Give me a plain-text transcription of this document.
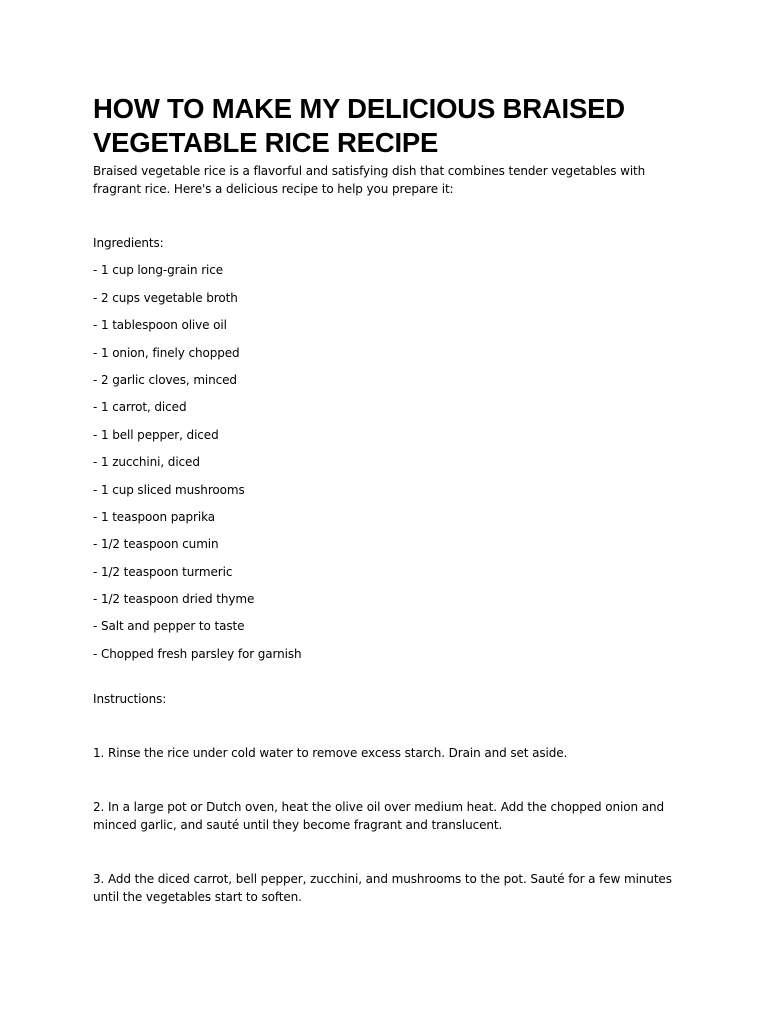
HOW TO MAKE MY DELICIOUS BRAISED VEGETABLE RICE RECIPE

Braised vegetable rice is a flavorful and satisfying dish that combines tender vegetables with fragrant rice. Here's a delicious recipe to help you prepare it:

Ingredients:

- 1 cup long-grain rice
- 2 cups vegetable broth
- 1 tablespoon olive oil
- 1 onion, finely chopped
- 2 garlic cloves, minced
- 1 carrot, diced
- 1 bell pepper, diced
- 1 zucchini, diced
- 1 cup sliced mushrooms
- 1 teaspoon paprika
- 1/2 teaspoon cumin
- 1/2 teaspoon turmeric
- 1/2 teaspoon dried thyme
- Salt and pepper to taste
- Chopped fresh parsley for garnish

Instructions:

1. Rinse the rice under cold water to remove excess starch. Drain and set aside.

2. In a large pot or Dutch oven, heat the olive oil over medium heat. Add the chopped onion and minced garlic, and sauté until they become fragrant and translucent.

3. Add the diced carrot, bell pepper, zucchini, and mushrooms to the pot. Sauté for a few minutes until the vegetables start to soften.
